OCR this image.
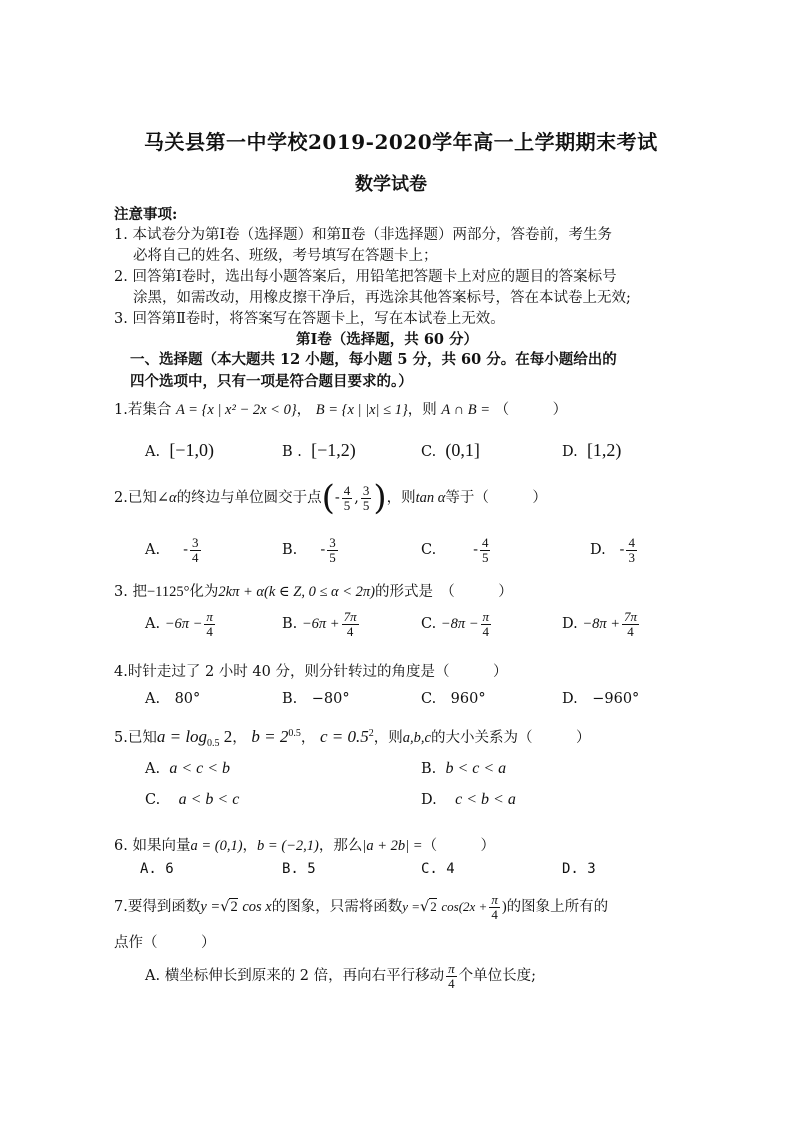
马关县第一中学校2019-2020学年高一上学期期末考试
数学试卷
注意事项:
1. 本试卷分为第Ⅰ卷（选择题）和第Ⅱ卷（非选择题）两部分，答卷前，考生务
必将自己的姓名、班级，考号填写在答题卡上；
2. 回答第Ⅰ卷时，选出每小题答案后，用铅笔把答题卡上对应的题目的答案标号
涂黑，如需改动，用橡皮擦干净后，再选涂其他答案标号，答在本试卷上无效;
3. 回答第Ⅱ卷时，将答案写在答题卡上，写在本试卷上无效。
第Ⅰ卷（选择题，共 60 分）
一、选择题（本大题共 12 小题，每小题 5 分，共 60 分。在每小题给出的
四个选项中，只有一项是符合题目要求的。）
1.若集合 A = {x | x² − 2x < 0}， B = {x | |x| ≤ 1}，则 A ∩ B = （　　　）
A. [−1,0)	B . [−1,2)	C. (0,1]	D. [1,2)
2.已知∠α的终边与单位圆交于点(- $\frac{4}{5}$ , $\frac{3}{5}$ )，则tan α等于（　　　）
A. - $\frac{3}{4}$	B. - $\frac{3}{5}$	C.	- $\frac{4}{5}$	D. - $\frac{4}{3}$
3. 把−1125°化为2kπ + α(k ∈ Z, 0 ≤ α < 2π)的形式是　（　　　）
A. $-6\pi - \frac{\pi}{4}$	B. $-6\pi + \frac{7\pi}{4}$	C. $-8\pi - \frac{\pi}{4}$	D. $-8\pi + \frac{7\pi}{4}$
4.时针走过了 2 小时 40 分，则分针转过的角度是（　　　）
A.　80°	B.　−80°	C.　960°	D.　−960°
5.已知$a = \log_{0.5} 2$， $b = 2^{0.5}$， $c = 0.5^2$，则a,b,c的大小关系为（　　　）
A. a < c < b	B. b < c < a
C. a < b < c	D. c < b < a
6. 如果向量a = (0,1)，b = (−2,1)，那么|a + 2b| =（　　　）
A. 6	B. 5	C. 4	D. 3
7.要得到函数y =√2 cos x的图象，只需将函数y =√2 $\cos(2x + \frac{\pi}{4}$ )的图象上所有的
点作（　　　）
A. 横坐标伸长到原来的 2 倍，再向右平行移动 $\frac{\pi}{4}$ 个单位长度;
